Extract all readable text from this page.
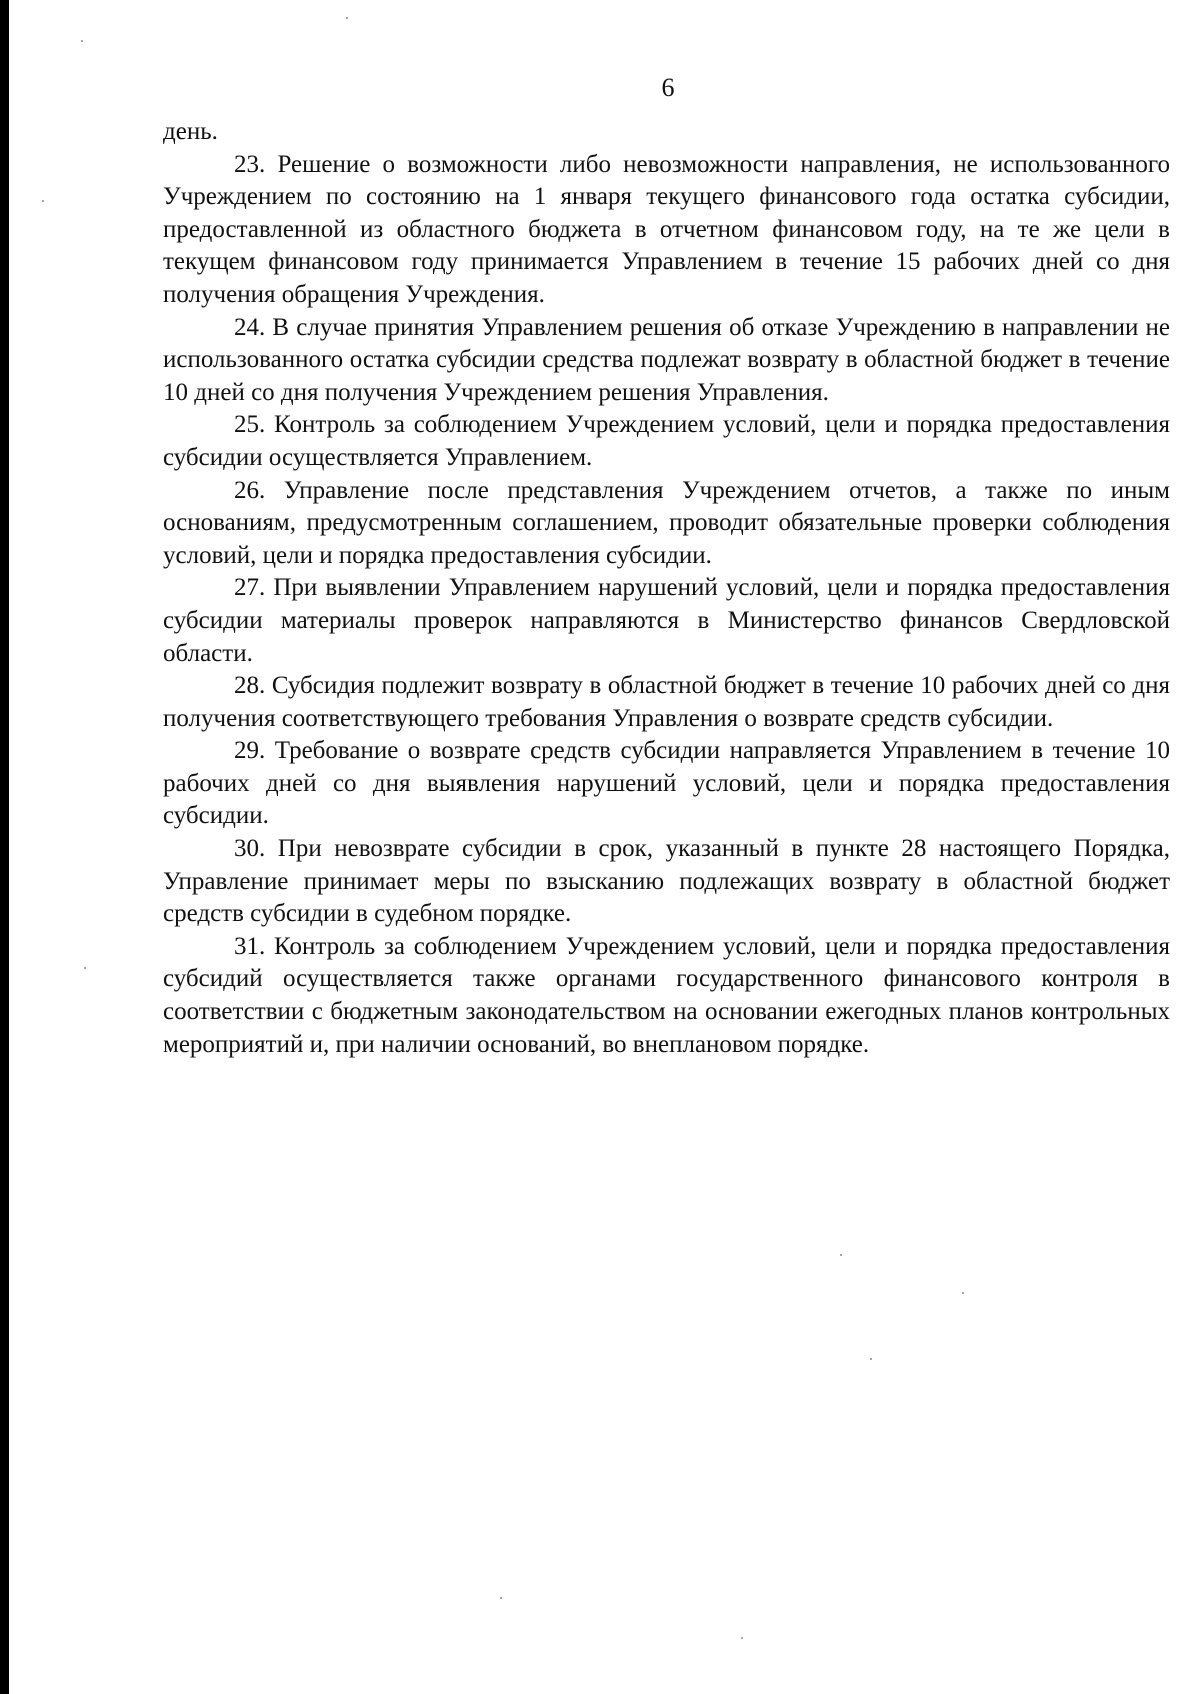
6

день.

23. Решение о возможности либо невозможности направления, не использованного Учреждением по состоянию на 1 января текущего финансового года остатка субсидии, предоставленной из областного бюджета в отчетном финансовом году, на те же цели в текущем финансовом году принимается Управлением в течение 15 рабочих дней со дня получения обращения Учреждения.

24. В случае принятия Управлением решения об отказе Учреждению в направлении не использованного остатка субсидии средства подлежат возврату в областной бюджет в течение 10 дней со дня получения Учреждением решения Управления.

25. Контроль за соблюдением Учреждением условий, цели и порядка предоставления субсидии осуществляется Управлением.

26. Управление после представления Учреждением отчетов, а также по иным основаниям, предусмотренным соглашением, проводит обязательные проверки соблюдения условий, цели и порядка предоставления субсидии.

27. При выявлении Управлением нарушений условий, цели и порядка предоставления субсидии материалы проверок направляются в Министерство финансов Свердловской области.

28. Субсидия подлежит возврату в областной бюджет в течение 10 рабочих дней со дня получения соответствующего требования Управления о возврате средств субсидии.

29. Требование о возврате средств субсидии направляется Управлением в течение 10 рабочих дней со дня выявления нарушений условий, цели и порядка предоставления субсидии.

30. При невозврате субсидии в срок, указанный в пункте 28 настоящего Порядка, Управление принимает меры по взысканию подлежащих возврату в областной бюджет средств субсидии в судебном порядке.

31. Контроль за соблюдением Учреждением условий, цели и порядка предоставления субсидий осуществляется также органами государственного финансового контроля в соответствии с бюджетным законодательством на основании ежегодных планов контрольных мероприятий и, при наличии оснований, во внеплановом порядке.
